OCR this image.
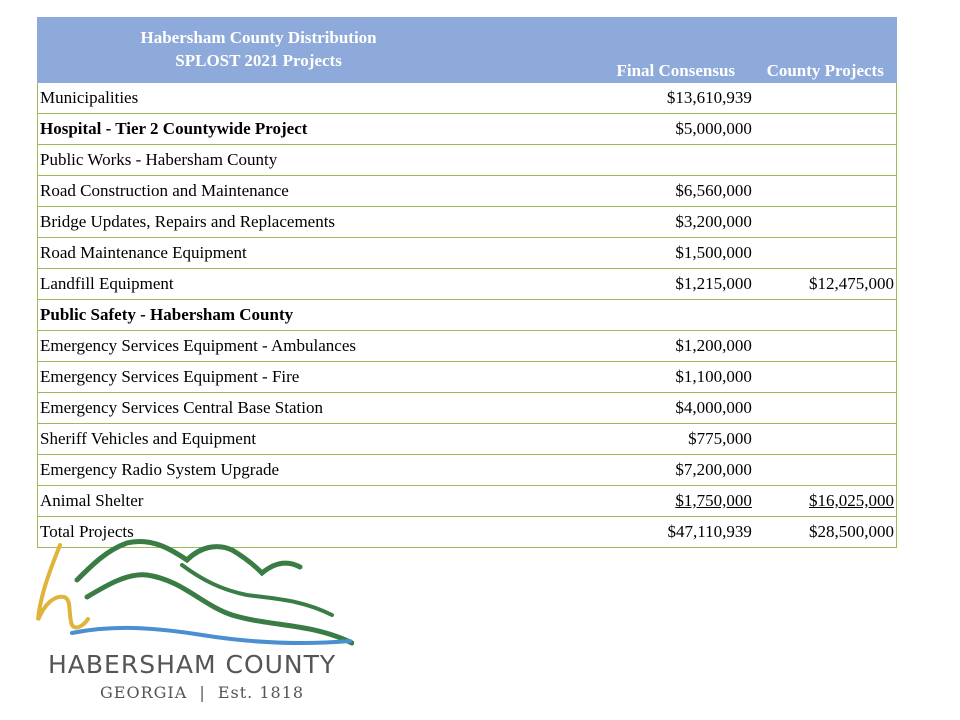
Habersham County Distribution
SPLOST 2021 Projects	Final Consensus	County Projects
Municipalities	$13,610,939	
Hospital - Tier 2 Countywide Project	$5,000,000	
Public Works - Habersham County		
Road Construction and Maintenance	$6,560,000	
Bridge Updates, Repairs and Replacements	$3,200,000	
Road Maintenance Equipment	$1,500,000	
Landfill Equipment	$1,215,000	$12,475,000
Public Safety - Habersham County		
Emergency Services Equipment - Ambulances	$1,200,000	
Emergency Services Equipment - Fire	$1,100,000	
Emergency Services Central Base Station	$4,000,000	
Sheriff Vehicles and Equipment	$775,000	
Emergency Radio System Upgrade	$7,200,000	
Animal Shelter	$1,750,000	$16,025,000
Total Projects	$47,110,939	$28,500,000
HABERSHAM COUNTY
GEORGIA | Est. 1818
